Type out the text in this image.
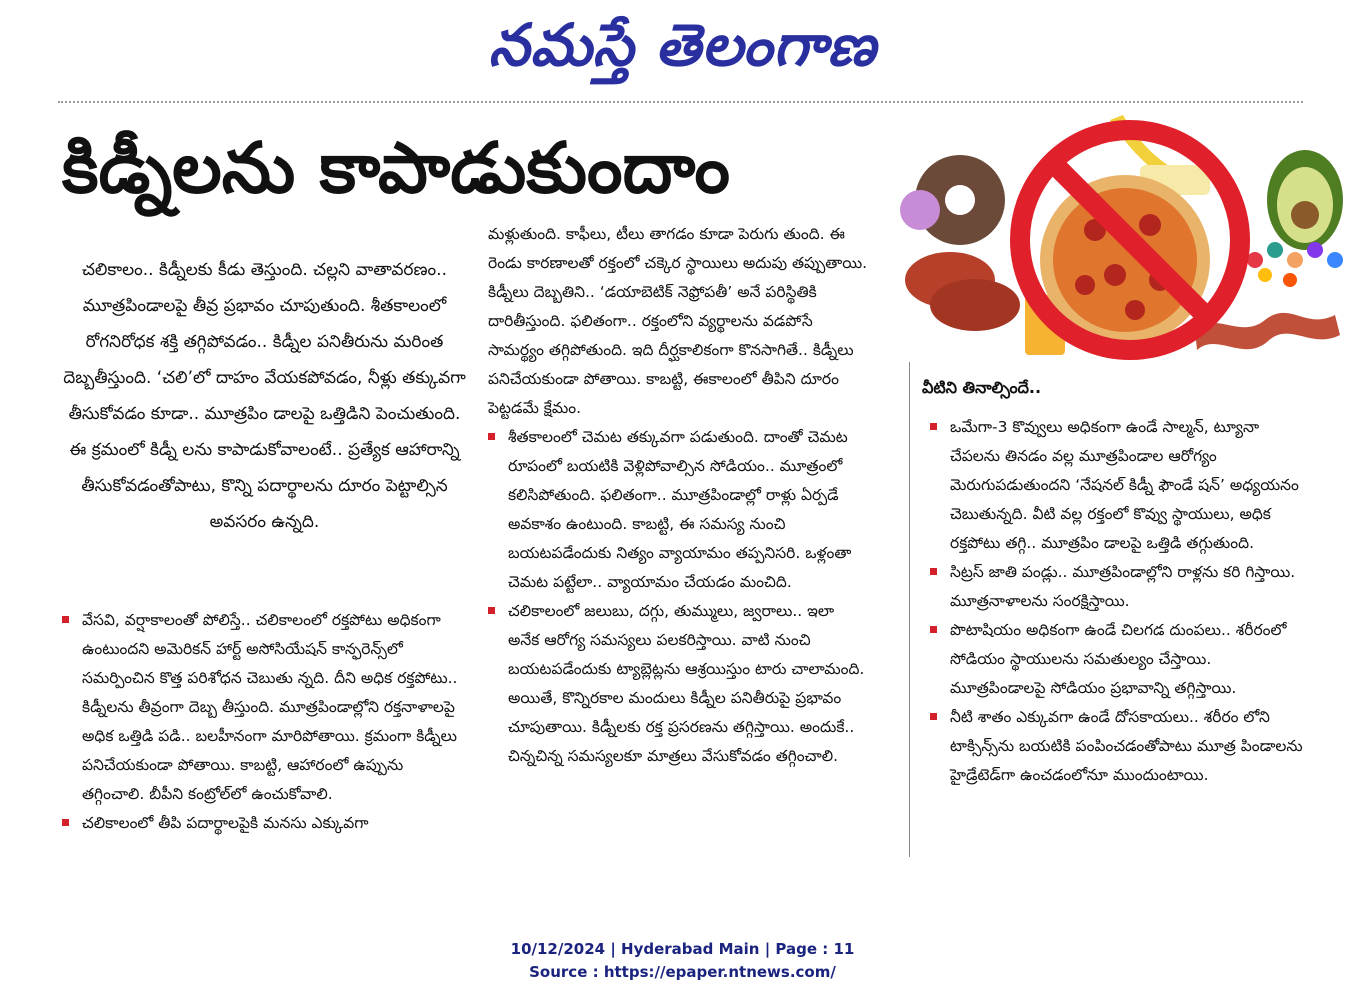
నమస్తే తెలంగాణ
కిడ్నీలను కాపాడుకుందాం

చలికాలం.. కిడ్నీలకు కీడు తెస్తుంది. చల్లని వాతావరణం.. మూత్రపిండాలపై తీవ్ర ప్రభావం చూపుతుంది. శీతకాలంలో రోగనిరోధక శక్తి తగ్గిపోవడం.. కిడ్నీల పనితీరును మరింత దెబ్బతీస్తుంది. ‘చలి’లో దాహం వేయకపోవడం, నీళ్లు తక్కువగా తీసుకోవడం కూడా.. మూత్రపిం డాలపై ఒత్తిడిని పెంచుతుంది. ఈ క్రమంలో కిడ్నీ లను కాపాడుకోవాలంటే.. ప్రత్యేక ఆహారాన్ని తీసుకోవడంతోపాటు, కొన్ని పదార్థాలను దూరం పెట్టాల్సిన అవసరం ఉన్నది.

వేసవి, వర్షాకాలంతో పోలిస్తే.. చలికాలంలో రక్తపోటు అధికంగా ఉంటుందని అమెరికన్ హార్ట్ అసోసియేషన్ కాన్ఫరెన్స్‌లో సమర్పించిన కొత్త పరిశోధన చెబుతు న్నది. దీని అధిక రక్తపోటు.. కిడ్నీలను తీవ్రంగా దెబ్బ తీస్తుంది. మూత్రపిండాల్లోని రక్తనాళాలపై అధిక ఒత్తిడి పడి.. బలహీనంగా మారిపోతాయి. క్రమంగా కిడ్నీలు పనిచేయకుండా పోతాయి. కాబట్టి, ఆహారంలో ఉప్పును తగ్గించాలి. బీపీని కంట్రోల్‌లో ఉంచుకోవాలి.

చలికాలంలో తీపి పదార్థాలపైకి మనసు ఎక్కువగా

మళ్లుతుంది. కాఫీలు, టీలు తాగడం కూడా పెరుగు తుంది. ఈ రెండు కారణాలతో రక్తంలో చక్కెర స్థాయిలు అదుపు తప్పుతాయి. కిడ్నీలు దెబ్బతిని.. ‘డయాబెటిక్ నెఫ్రోపతీ’ అనే పరిస్థితికి దారితీస్తుంది. ఫలితంగా.. రక్తంలోని వ్యర్థాలను వడపోసే సామర్థ్యం తగ్గిపోతుంది. ఇది దీర్ఘకాలికంగా కొనసాగితే.. కిడ్నీలు పనిచేయకుండా పోతాయి. కాబట్టి, ఈకాలంలో తీపిని దూరం పెట్టడమే క్షేమం.

శీతకాలంలో చెమట తక్కువగా పడుతుంది. దాంతో చెమట రూపంలో బయటికి వెళ్లిపోవాల్సిన సోడియం.. మూత్రంలో కలిసిపోతుంది. ఫలితంగా.. మూత్రపిండాల్లో రాళ్లు ఏర్పడే అవకాశం ఉంటుంది. కాబట్టి, ఈ సమస్య నుంచి బయటపడేందుకు నిత్యం వ్యాయామం తప్పనిసరి. ఒళ్లంతా చెమట పట్టేలా.. వ్యాయామం చేయడం మంచిది.

చలికాలంలో జలుబు, దగ్గు, తుమ్ములు, జ్వరాలు.. ఇలా అనేక ఆరోగ్య సమస్యలు పలకరిస్తాయి. వాటి నుంచి బయటపడేందుకు ట్యాబ్లెట్లను ఆశ్రయిస్తుం టారు చాలామంది. అయితే, కొన్నిరకాల మందులు కిడ్నీల పనితీరుపై ప్రభావం చూపుతాయి. కిడ్నీలకు రక్త ప్రసరణను తగ్గిస్తాయి. అందుకే.. చిన్నచిన్న సమస్యలకూ మాత్రలు వేసుకోవడం తగ్గించాలి.

వీటిని తినాల్సిందే..

ఒమేగా-3 కొవ్వులు అధికంగా ఉండే సాల్మన్, ట్యూనా చేపలను తినడం వల్ల మూత్రపిండాల ఆరోగ్యం మెరుగుపడుతుందని ‘నేషనల్ కిడ్నీ ఫౌండే షన్’ అధ్యయనం చెబుతున్నది. వీటి వల్ల రక్తంలో కొవ్వు స్థాయులు, అధిక రక్తపోటు తగ్గి.. మూత్రపిం డాలపై ఒత్తిడి తగ్గుతుంది.

సిట్రస్ జాతి పండ్లు.. మూత్రపిండాల్లోని రాళ్లను కరి గిస్తాయి. మూత్రనాళాలను సంరక్షిస్తాయి.

పొటాషియం అధికంగా ఉండే చిలగడ దుంపలు.. శరీరంలో సోడియం స్థాయులను సమతుల్యం చేస్తాయి. మూత్రపిండాలపై సోడియం ప్రభావాన్ని తగ్గిస్తాయి.

నీటి శాతం ఎక్కువగా ఉండే దోసకాయలు.. శరీరం లోని టాక్సిన్స్‌ను బయటికి పంపించడంతోపాటు మూత్ర పిండాలను హైడ్రేటెడ్‌గా ఉంచడంలోనూ ముందుంటాయి.

10/12/2024 | Hyderabad Main | Page : 11
Source : https://epaper.ntnews.com/
